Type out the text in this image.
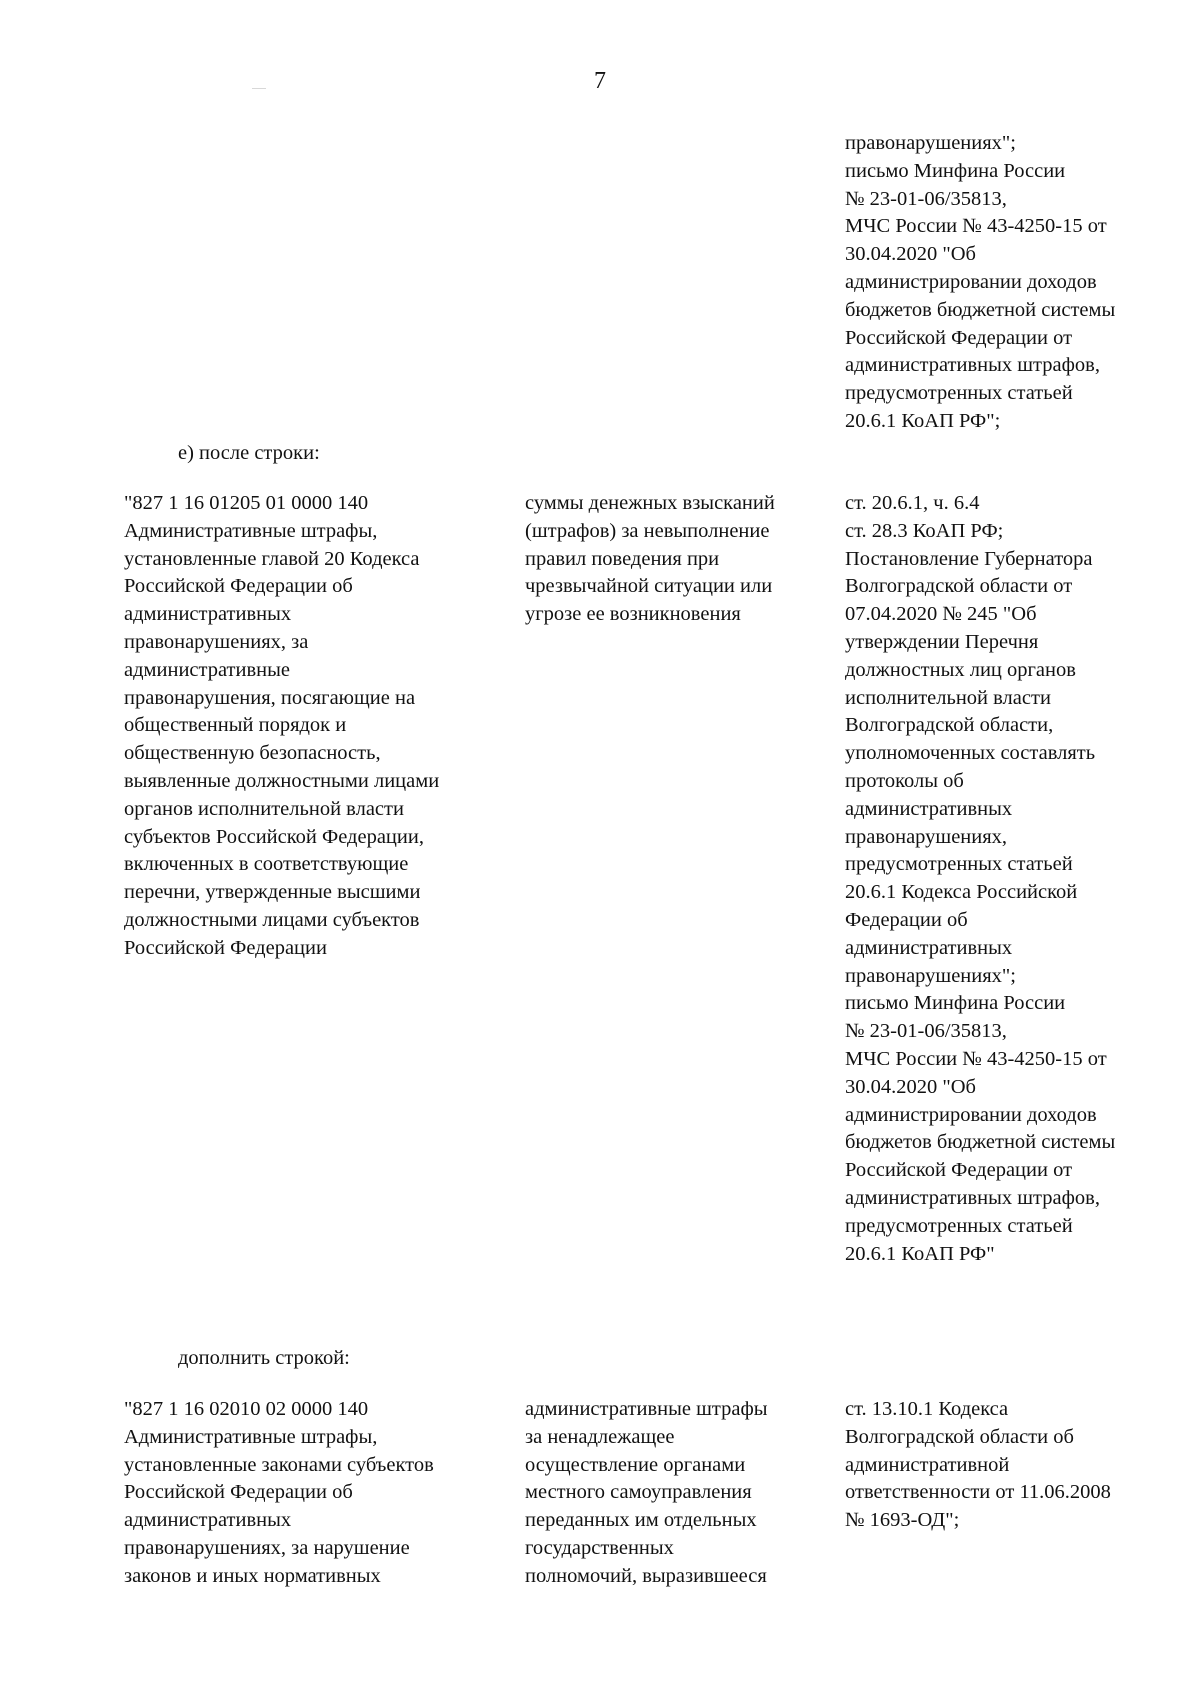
7
правонарушениях";
письмо Минфина России
№ 23-01-06/35813,
МЧС России № 43-4250-15 от
30.04.2020 "Об
администрировании доходов
бюджетов бюджетной системы
Российской Федерации от
административных штрафов,
предусмотренных статьей
20.6.1 КоАП РФ";
е) после строки:
"827 1 16 01205 01 0000 140
Административные штрафы,
установленные главой 20 Кодекса
Российской Федерации об
административных
правонарушениях, за
административные
правонарушения, посягающие на
общественный порядок и
общественную безопасность,
выявленные должностными лицами
органов исполнительной власти
субъектов Российской Федерации,
включенных в соответствующие
перечни, утвержденные высшими
должностными лицами субъектов
Российской Федерации
суммы денежных взысканий
(штрафов) за невыполнение
правил поведения при
чрезвычайной ситуации или
угрозе ее возникновения
ст. 20.6.1, ч. 6.4
ст. 28.3 КоАП РФ;
Постановление Губернатора
Волгоградской области от
07.04.2020 № 245 "Об
утверждении Перечня
должностных лиц органов
исполнительной власти
Волгоградской области,
уполномоченных составлять
протоколы об
административных
правонарушениях,
предусмотренных статьей
20.6.1 Кодекса Российской
Федерации об
административных
правонарушениях";
письмо Минфина России
№ 23-01-06/35813,
МЧС России № 43-4250-15 от
30.04.2020 "Об
администрировании доходов
бюджетов бюджетной системы
Российской Федерации от
административных штрафов,
предусмотренных статьей
20.6.1 КоАП РФ"
дополнить строкой:
"827 1 16 02010 02 0000 140
Административные штрафы,
установленные законами субъектов
Российской Федерации об
административных
правонарушениях, за нарушение
законов и иных нормативных
административные штрафы
за ненадлежащее
осуществление органами
местного самоуправления
переданных им отдельных
государственных
полномочий, выразившееся
ст. 13.10.1 Кодекса
Волгоградской области об
административной
ответственности от 11.06.2008
№ 1693-ОД";
